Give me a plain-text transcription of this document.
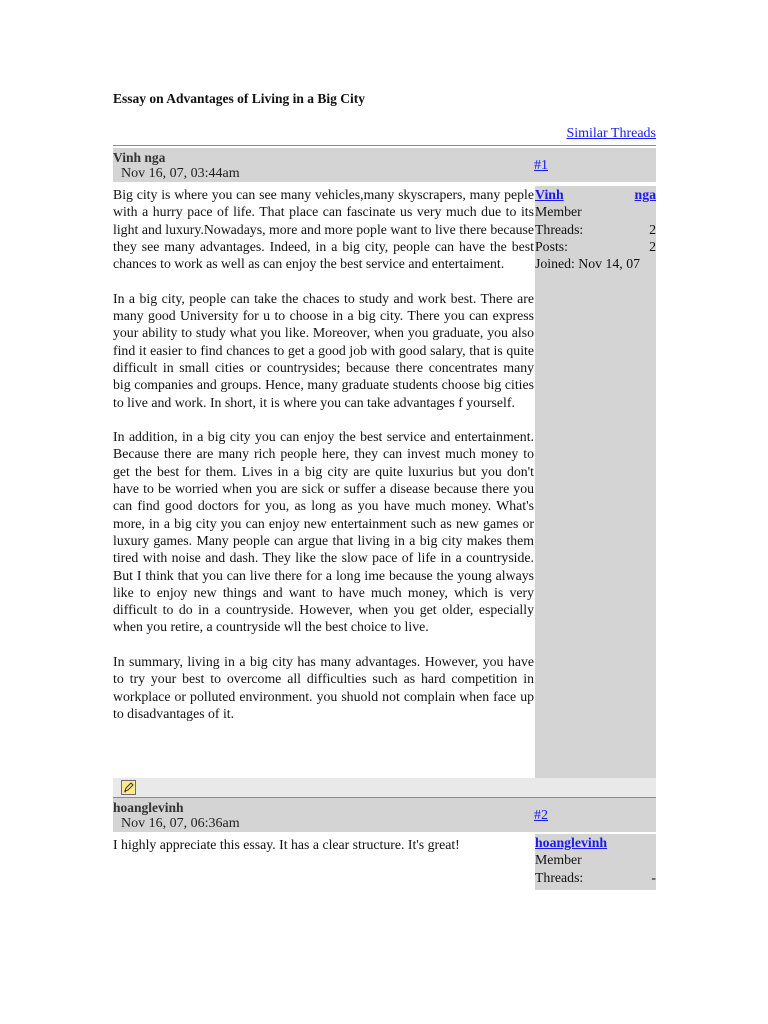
Essay on Advantages of Living in a Big City
Similar Threads
Vinh nga
Nov 16, 07, 03:44am
#1

Big city is where you can see many vehicles,many skyscrapers, many peple with a hurry pace of life. That place can fascinate us very much due to its light and luxury.Nowadays, more and more pople want to live there because they see many advantages. Indeed, in a big city, people can have the best chances to work as well as can enjoy the best service and entertaiment.

In a big city, people can take the chaces to study and work best. There are many good University for u to choose in a big city. There you can express your ability to study what you like. Moreover, when you graduate, you also find it easier to find chances to get a good job with good salary, that is quite difficult in small cities or countrysides; because there concentrates many big companies and groups. Hence, many graduate students choose big cities to live and work. In short, it is where you can take advantages f yourself.

In addition, in a big city you can enjoy the best service and entertainment. Because there are many rich people here, they can invest much money to get the best for them. Lives in a big city are quite luxurius but you don't have to be worried when you are sick or suffer a disease because there you can find good doctors for you, as long as you have much money. What's more, in a big city you can enjoy new entertainment such as new games or luxury games. Many people can argue that living in a big city makes them tired with noise and dash. They like the slow pace of life in a countryside. But I think that you can live there for a long ime because the young always like to enjoy new things and want to have much money, which is very difficult to do in a countryside. However, when you get older, especially when you retire, a countryside wll the best choice to live.

In summary, living in a big city has many advantages. However, you have to try your best to overcome all difficulties such as hard competition in workplace or polluted environment. you shuold not complain when face up to disadvantages of it.

Vinh	nga
Member
Threads:	2
Posts:	2
Joined: Nov 14, 07
hoanglevinh
Nov 16, 07, 06:36am
#2

I highly appreciate this essay. It has a clear structure. It's great!	hoanglevinh
Member
Threads:	-
